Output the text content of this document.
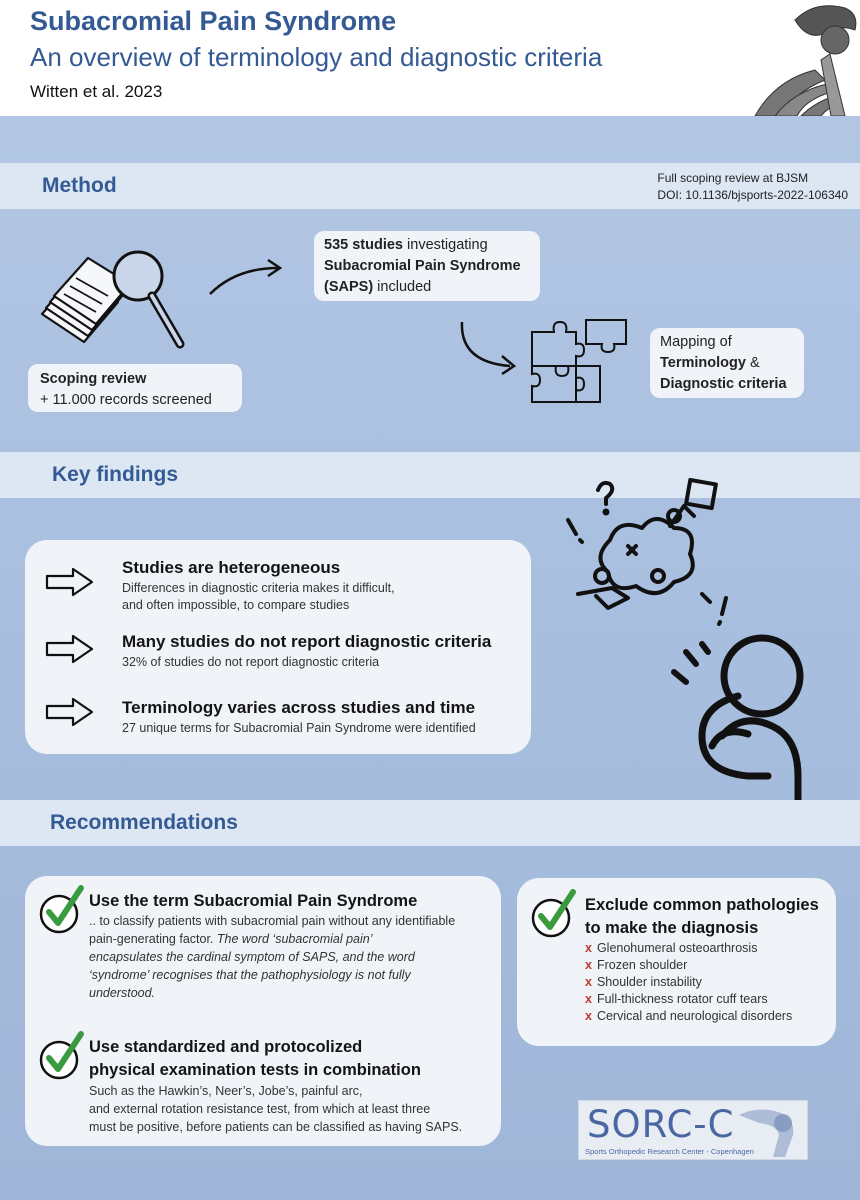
Subacromial Pain Syndrome
An overview of terminology and diagnostic criteria
Witten et al. 2023
Method	Full scoping review at BJSM
DOI: 10.1136/bjsports-2022-106340
Scoping review
+ 11.000 records screened
535 studies investigating
Subacromial Pain Syndrome
(SAPS) included
Mapping of
Terminology &
Diagnostic criteria
Key findings
Studies are heterogeneous
Differences in diagnostic criteria makes it difficult,
and often impossible, to compare studies
Many studies do not report diagnostic criteria
32% of studies do not report diagnostic criteria
Terminology varies across studies and time
27 unique terms for Subacromial Pain Syndrome were identified
Recommendations
Use the term Subacromial Pain Syndrome
.. to classify patients with subacromial pain without any identifiable
pain-generating factor. The word ‘subacromial pain’
encapsulates the cardinal symptom of SAPS, and the word
‘syndrome’ recognises that the pathophysiology is not fully
understood.
Use standardized and protocolized
physical examination tests in combination
Such as the Hawkin’s, Neer’s, Jobe’s, painful arc,
and external rotation resistance test, from which at least three
must be positive, before patients can be classified as having SAPS.
Exclude common pathologies
to make the diagnosis
x Glenohumeral osteoarthrosis
x Frozen shoulder
x Shoulder instability
x Full-thickness rotator cuff tears
x Cervical and neurological disorders
SORC-C
Sports Orthopedic Research Center - Copenhagen
